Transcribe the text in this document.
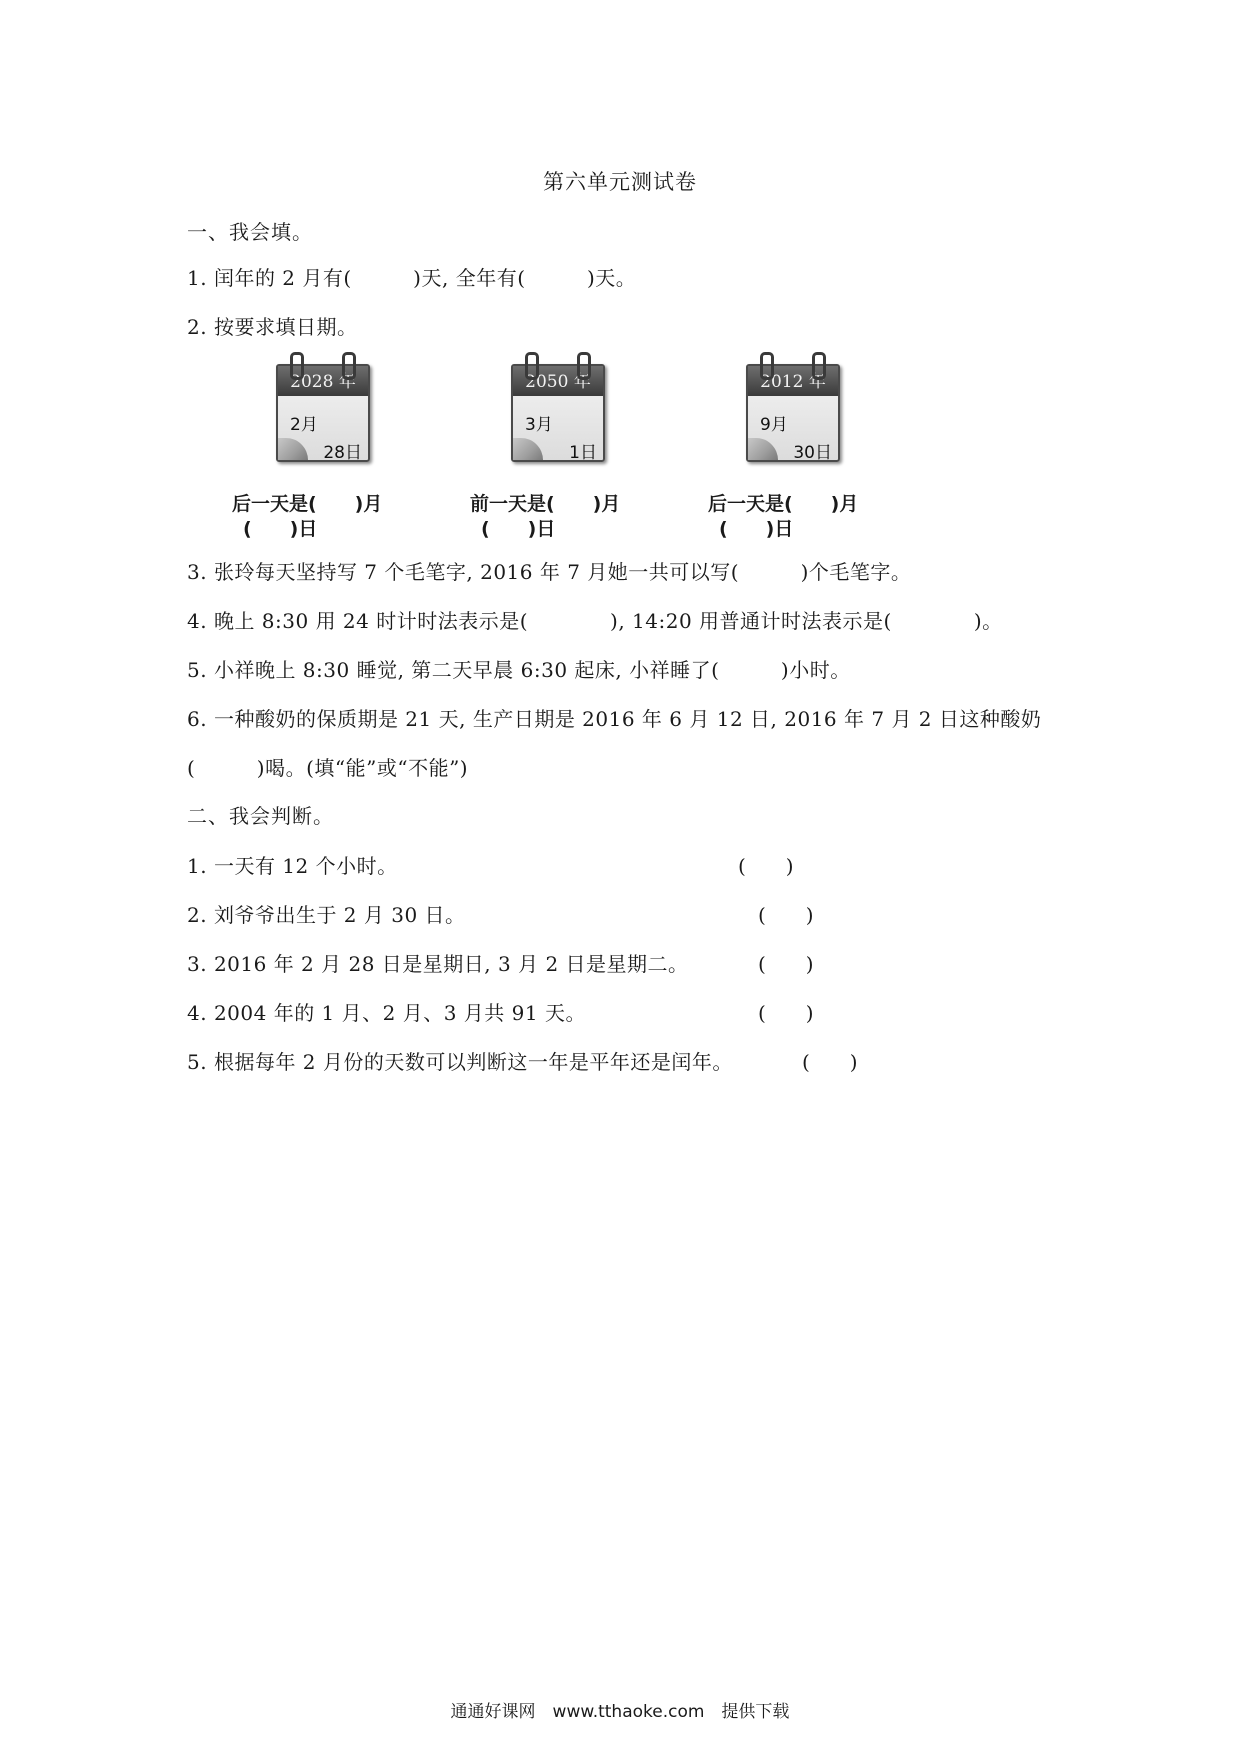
第六单元测试卷
一、我会填。
1. 闰年的 2 月有(　　　)天, 全年有(　　　)天。
2. 按要求填日期。
2028 年
2月
28日
2050 年
3月
1日
2012 年
9月
30日
后一天是(　　)月
(　　)日
前一天是(　　)月
(　　)日
后一天是(　　)月
(　　)日
3. 张玲每天坚持写 7 个毛笔字, 2016 年 7 月她一共可以写(　　　)个毛笔字。
4. 晚上 8:30 用 24 时计时法表示是(　　　　), 14:20 用普通计时法表示是(　　　　)。
5. 小祥晚上 8:30 睡觉, 第二天早晨 6:30 起床, 小祥睡了(　　　)小时。
6. 一种酸奶的保质期是 21 天, 生产日期是 2016 年 6 月 12 日, 2016 年 7 月 2 日这种酸奶
(　　　)喝。(填“能”或“不能”)
二、我会判断。
1. 一天有 12 个小时。	(　　)
2. 刘爷爷出生于 2 月 30 日。	(　　)
3. 2016 年 2 月 28 日是星期日, 3 月 2 日是星期二。	(　　)
4. 2004 年的 1 月、2 月、3 月共 91 天。	(　　)
5. 根据每年 2 月份的天数可以判断这一年是平年还是闰年。	(　　)
通通好课网　www.tthaoke.com　提供下载
